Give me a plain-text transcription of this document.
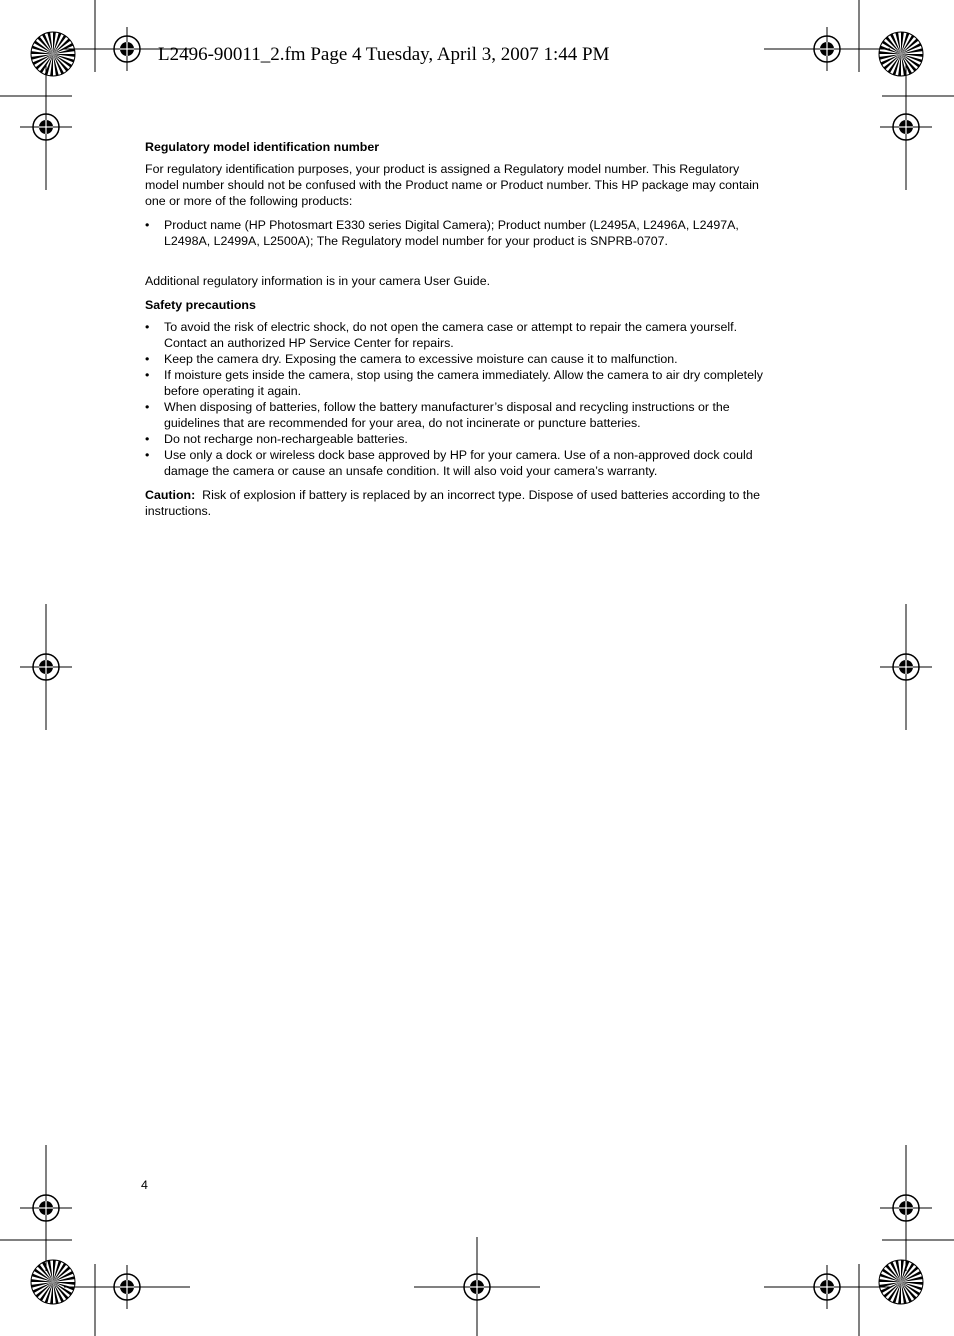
L2496-90011_2.fm Page 4 Tuesday, April 3, 2007 1:44 PM
Regulatory model identification number

For regulatory identification purposes, your product is assigned a Regulatory model number. This Regulatory model number should not be confused with the Product name or Product number. This HP package may contain one or more of the following products:

• Product name (HP Photosmart E330 series Digital Camera); Product number (L2495A, L2496A, L2497A, L2498A, L2499A, L2500A); The Regulatory model number for your product is SNPRB-0707.

Additional regulatory information is in your camera User Guide.

Safety precautions
• To avoid the risk of electric shock, do not open the camera case or attempt to repair the camera yourself. Contact an authorized HP Service Center for repairs.
• Keep the camera dry. Exposing the camera to excessive moisture can cause it to malfunction.
• If moisture gets inside the camera, stop using the camera immediately. Allow the camera to air dry completely before operating it again.
• When disposing of batteries, follow the battery manufacturer’s disposal and recycling instructions or the guidelines that are recommended for your area, do not incinerate or puncture batteries.
• Do not recharge non-rechargeable batteries.
• Use only a dock or wireless dock base approved by HP for your camera. Use of a non-approved dock could damage the camera or cause an unsafe condition. It will also void your camera’s warranty.

Caution: Risk of explosion if battery is replaced by an incorrect type. Dispose of used batteries according to the instructions.

4
